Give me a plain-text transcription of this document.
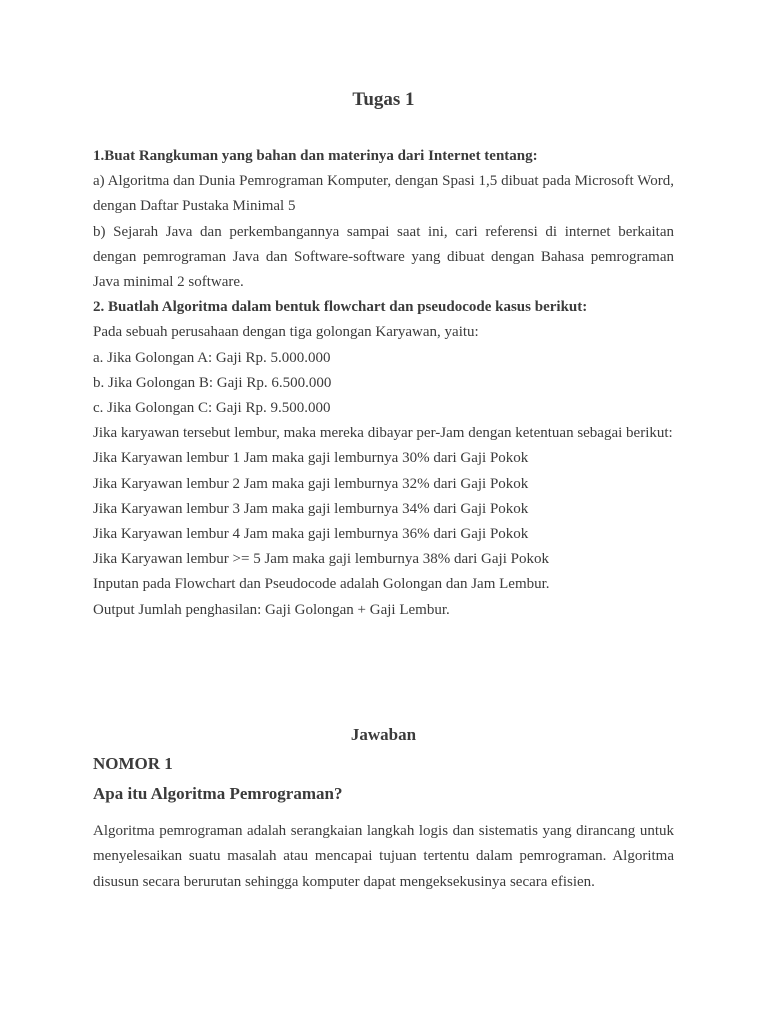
Tugas 1

1.Buat Rangkuman yang bahan dan materinya dari Internet tentang:

a) Algoritma dan Dunia Pemrograman Komputer, dengan Spasi 1,5 dibuat pada Microsoft Word, dengan Daftar Pustaka Minimal 5

b) Sejarah Java dan perkembangannya sampai saat ini, cari referensi di internet berkaitan dengan pemrograman Java dan Software-software yang dibuat dengan Bahasa pemrograman Java minimal 2 software.

2. Buatlah Algoritma dalam bentuk flowchart dan pseudocode kasus berikut:

Pada sebuah perusahaan dengan tiga golongan Karyawan, yaitu:

a. Jika Golongan A: Gaji Rp. 5.000.000

b. Jika Golongan B: Gaji Rp. 6.500.000

c. Jika Golongan C: Gaji Rp. 9.500.000

Jika karyawan tersebut lembur, maka mereka dibayar per-Jam dengan ketentuan sebagai berikut:

Jika Karyawan lembur 1 Jam maka gaji lemburnya 30% dari Gaji Pokok

Jika Karyawan lembur 2 Jam maka gaji lemburnya 32% dari Gaji Pokok

Jika Karyawan lembur 3 Jam maka gaji lemburnya 34% dari Gaji Pokok

Jika Karyawan lembur 4 Jam maka gaji lemburnya 36% dari Gaji Pokok

Jika Karyawan lembur >= 5 Jam maka gaji lemburnya 38% dari Gaji Pokok

Inputan pada Flowchart dan Pseudocode adalah Golongan dan Jam Lembur.

Output Jumlah penghasilan: Gaji Golongan + Gaji Lembur.

Jawaban
NOMOR 1
Apa itu Algoritma Pemrograman?

Algoritma pemrograman adalah serangkaian langkah logis dan sistematis yang dirancang untuk menyelesaikan suatu masalah atau mencapai tujuan tertentu dalam pemrograman. Algoritma disusun secara berurutan sehingga komputer dapat mengeksekusinya secara efisien.
